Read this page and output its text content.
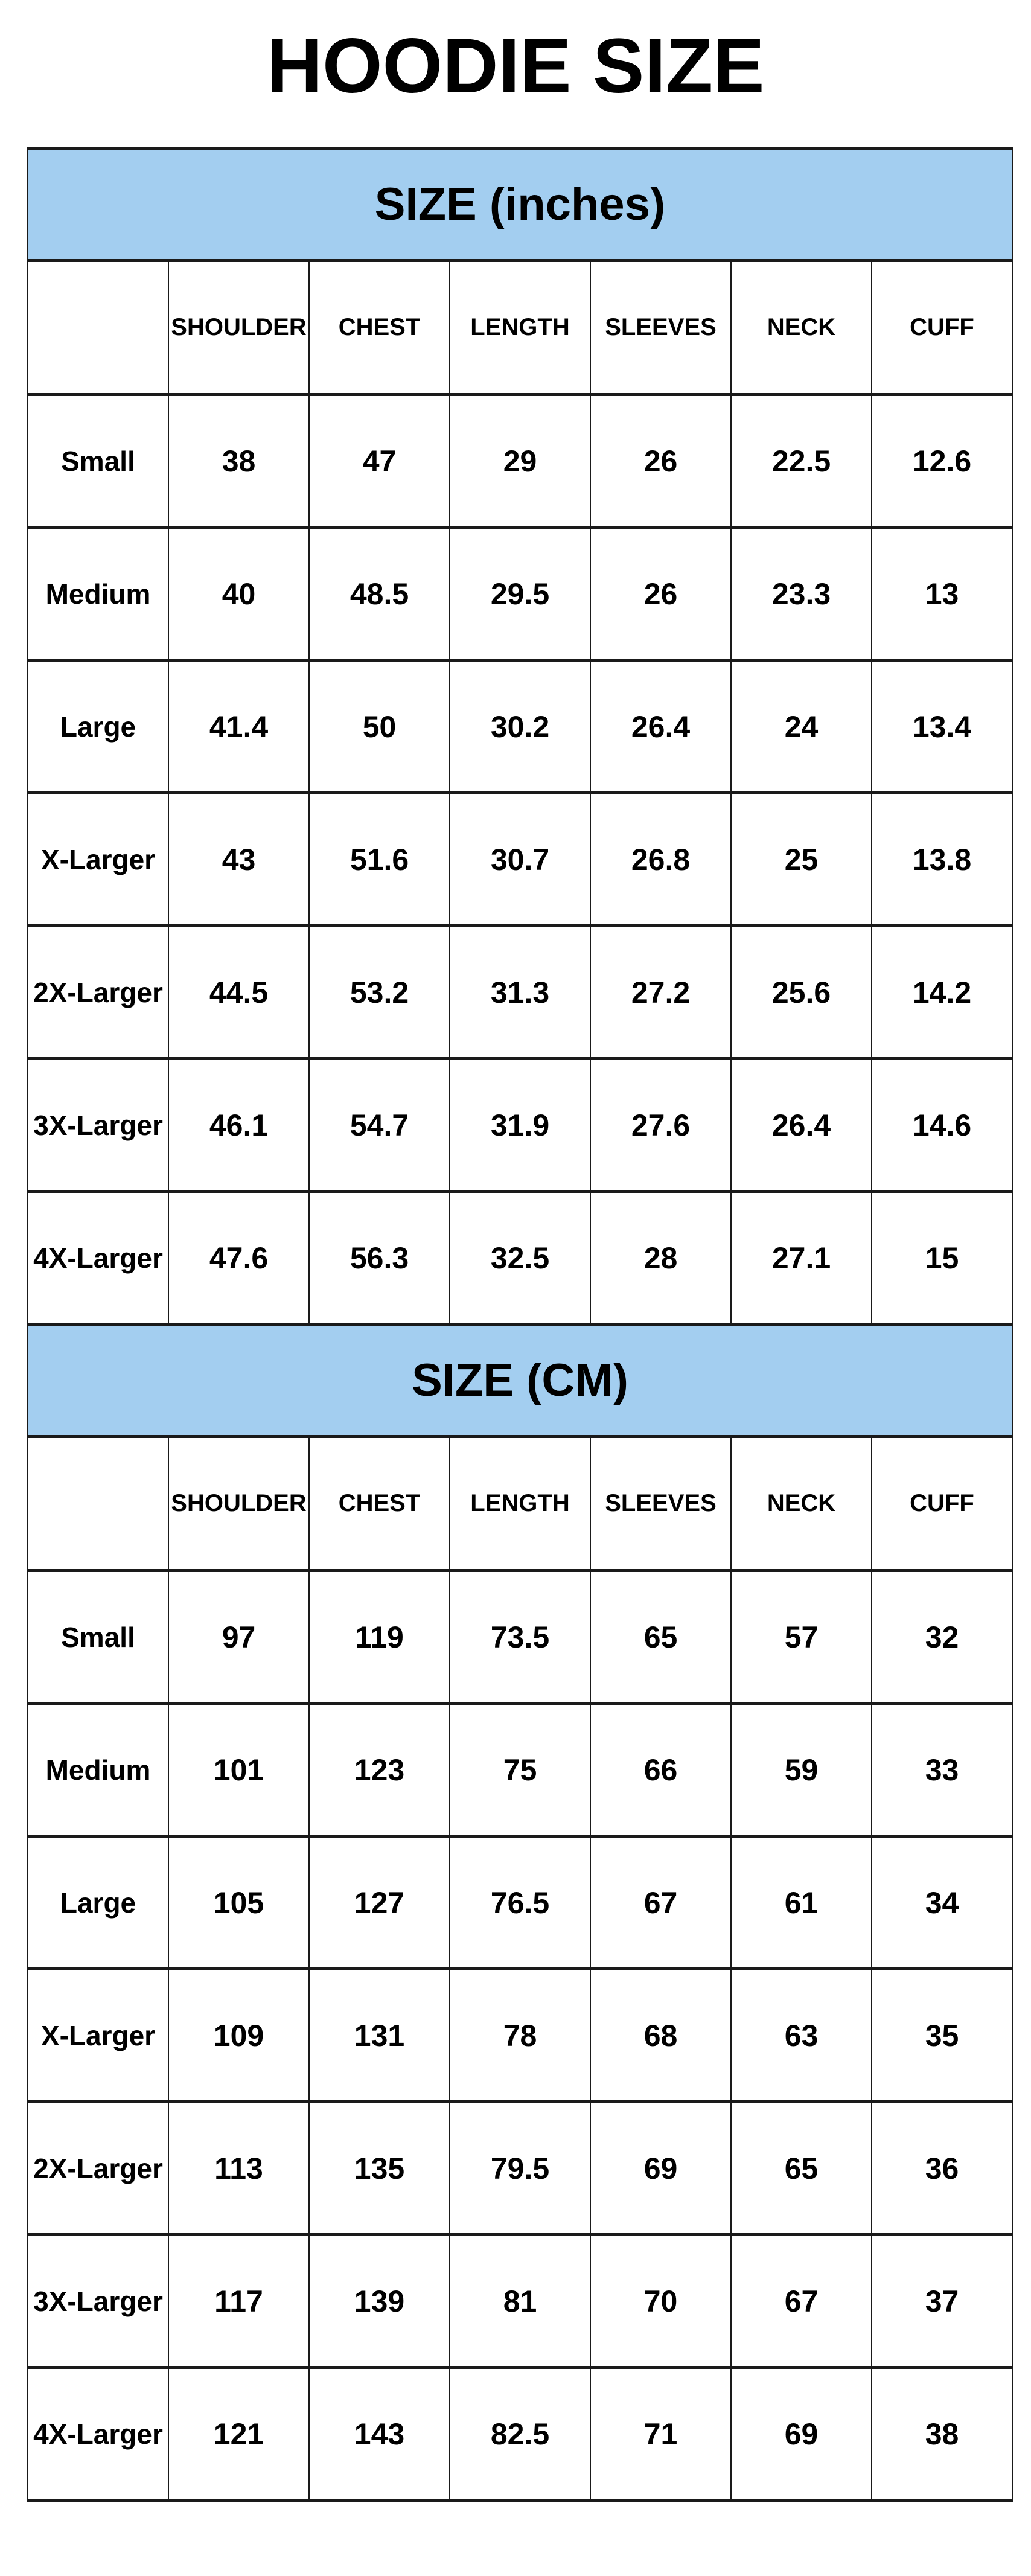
HOODIE SIZE
SIZE (inches)						
	SHOULDER	CHEST	LENGTH	SLEEVES	NECK	CUFF
Small	38	47	29	26	22.5	12.6
Medium	40	48.5	29.5	26	23.3	13
Large	41.4	50	30.2	26.4	24	13.4
X-Larger	43	51.6	30.7	26.8	25	13.8
2X-Larger	44.5	53.2	31.3	27.2	25.6	14.2
3X-Larger	46.1	54.7	31.9	27.6	26.4	14.6
4X-Larger	47.6	56.3	32.5	28	27.1	15
SIZE (CM)						
	SHOULDER	CHEST	LENGTH	SLEEVES	NECK	CUFF
Small	97	119	73.5	65	57	32
Medium	101	123	75	66	59	33
Large	105	127	76.5	67	61	34
X-Larger	109	131	78	68	63	35
2X-Larger	113	135	79.5	69	65	36
3X-Larger	117	139	81	70	67	37
4X-Larger	121	143	82.5	71	69	38
